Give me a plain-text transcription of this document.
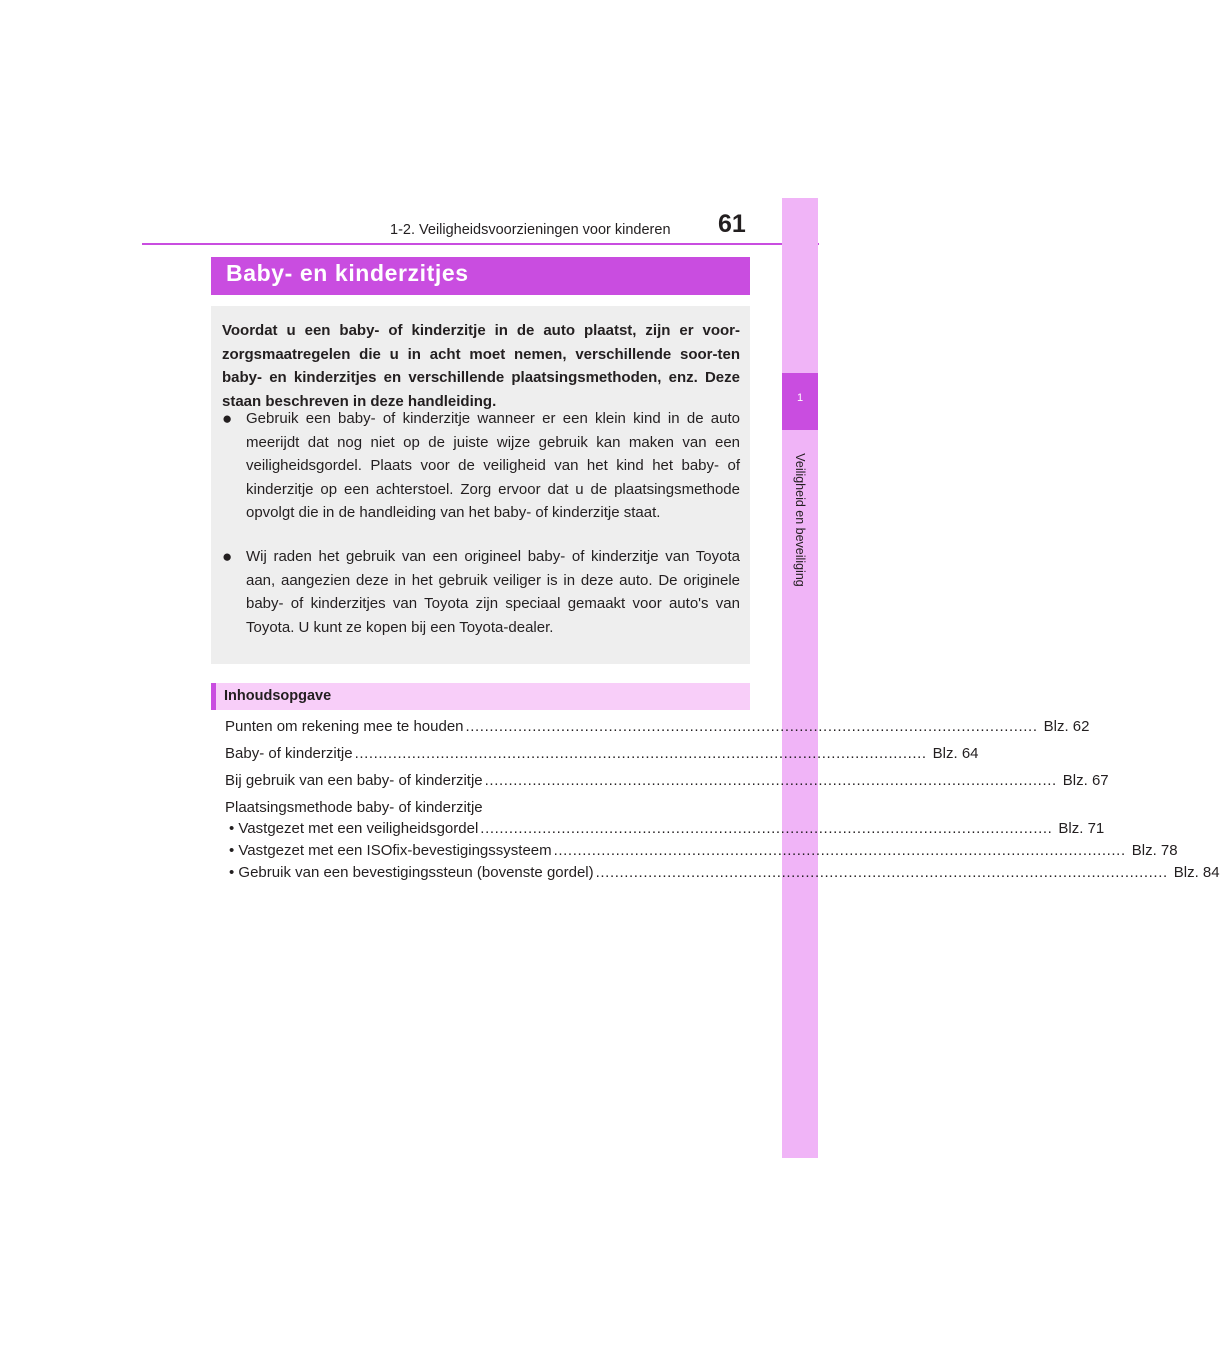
1-2. Veiligheidsvoorzieningen voor kinderen	61
1
Veiligheid en beveiliging
Baby- en kinderzitjes
Voordat u een baby- of kinderzitje in de auto plaatst, zijn er voor-zorgsmaatregelen die u in acht moet nemen, verschillende soor-ten baby- en kinderzitjes en verschillende plaatsingsmethoden, enz. Deze staan beschreven in deze handleiding.
● Gebruik een baby- of kinderzitje wanneer er een klein kind in de auto meerijdt dat nog niet op de juiste wijze gebruik kan maken van een veiligheidsgordel. Plaats voor de veiligheid van het kind het baby- of kinderzitje op een achterstoel. Zorg ervoor dat u de plaatsingsmethode opvolgt die in de handleiding van het baby- of kinderzitje staat.
● Wij raden het gebruik van een origineel baby- of kinderzitje van Toyota aan, aangezien deze in het gebruik veiliger is in deze auto. De originele baby- of kinderzitjes van Toyota zijn speciaal gemaakt voor auto's van Toyota. U kunt ze kopen bij een Toyota-dealer.
Inhoudsopgave
Punten om rekening mee te houden ........................................................................................................................ Blz. 62
Baby- of kinderzitje ........................................................................................................................ Blz. 64
Bij gebruik van een baby- of kinderzitje ........................................................................................................................ Blz. 67
Plaatsingsmethode baby- of kinderzitje
• Vastgezet met een veiligheidsgordel ........................................................................................................................ Blz. 71
• Vastgezet met een ISOfix-bevestigingssysteem ........................................................................................................................ Blz. 78
• Gebruik van een bevestigingssteun (bovenste gordel) ........................................................................................................................ Blz. 84
